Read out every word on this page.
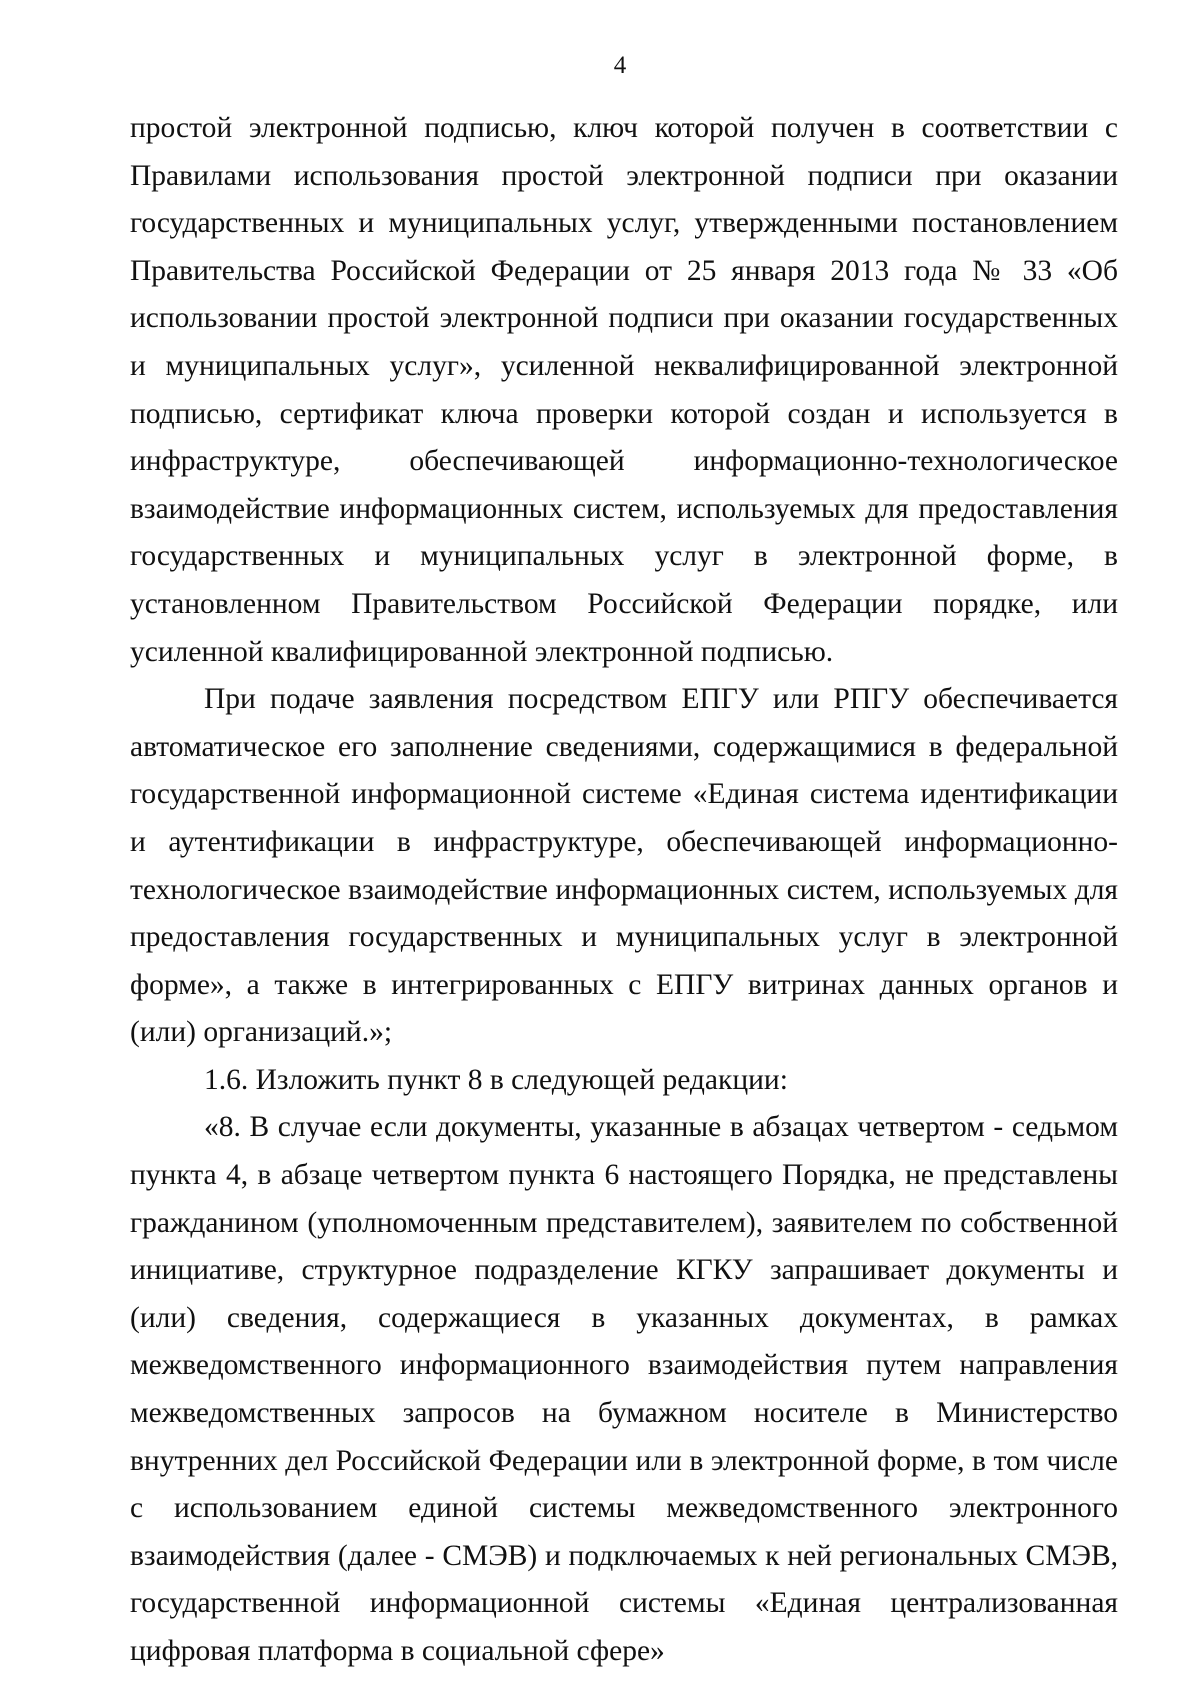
4

простой электронной подписью, ключ которой получен в соответствии с Правилами использования простой электронной подписи при оказании государственных и муниципальных услуг, утвержденными постановлением Правительства Российской Федерации от 25 января 2013 года № 33 «Об использовании простой электронной подписи при оказании государственных и муниципальных услуг», усиленной неквалифицированной электронной подписью, сертификат ключа проверки которой создан и используется в инфраструктуре, обеспечивающей информационно-технологическое взаимодействие информационных систем, используемых для предоставления государственных и муниципальных услуг в электронной форме, в установленном Правительством Российской Федерации порядке, или усиленной квалифицированной электронной подписью.

При подаче заявления посредством ЕПГУ или РПГУ обеспечивается автоматическое его заполнение сведениями, содержащимися в федеральной государственной информационной системе «Единая система идентификации и аутентификации в инфраструктуре, обеспечивающей информационно-технологическое взаимодействие информационных систем, используемых для предоставления государственных и муниципальных услуг в электронной форме», а также в интегрированных с ЕПГУ витринах данных органов и (или) организаций.»;

1.6. Изложить пункт 8 в следующей редакции:

«8. В случае если документы, указанные в абзацах четвертом - седьмом пункта 4, в абзаце четвертом пункта 6 настоящего Порядка, не представлены гражданином (уполномоченным представителем), заявителем по собственной инициативе, структурное подразделение КГКУ запрашивает документы и (или) сведения, содержащиеся в указанных документах, в рамках межведомственного информационного взаимодействия путем направления межведомственных запросов на бумажном носителе в Министерство внутренних дел Российской Федерации или в электронной форме, в том числе с использованием единой системы межведомственного электронного взаимодействия (далее - СМЭВ) и подключаемых к ней региональных СМЭВ, государственной информационной системы «Единая централизованная цифровая платформа в социальной сфере»
